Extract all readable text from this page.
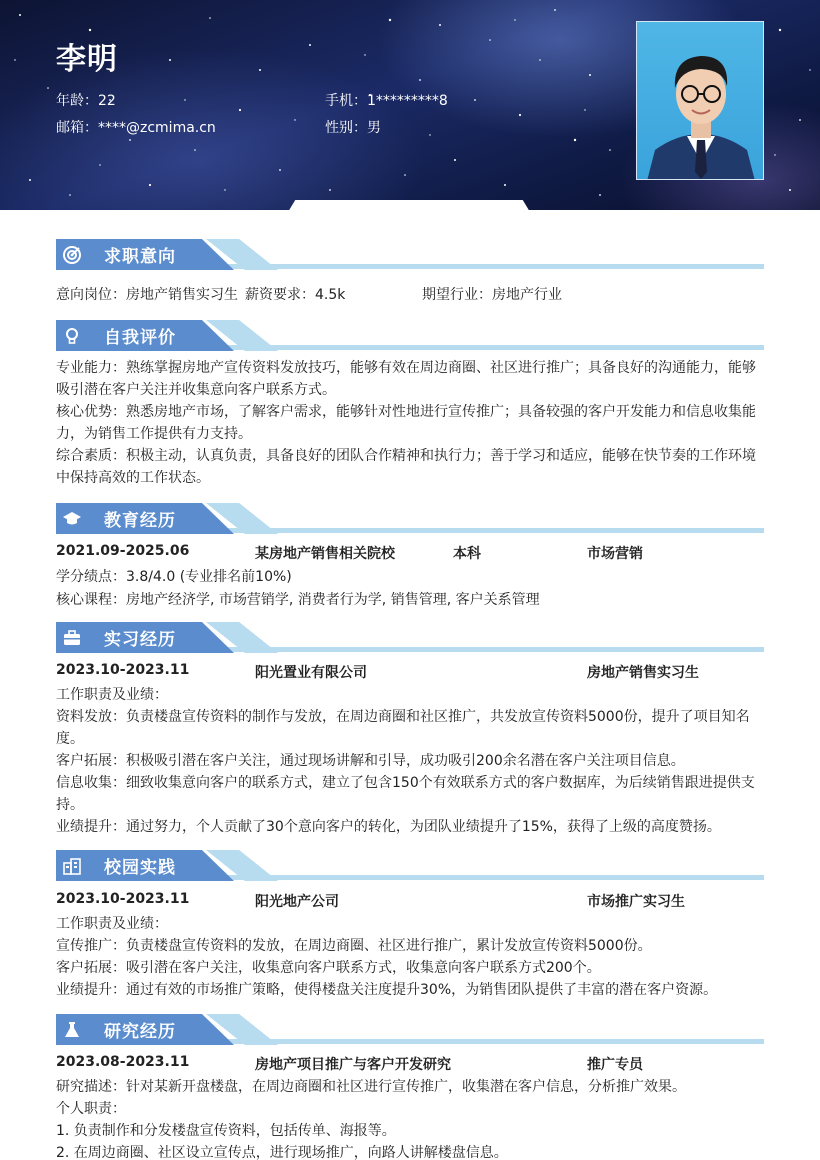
李明
年龄：22	手机：1*********8
邮箱：****@zcmima.cn	性别：男
求职意向
意向岗位：房地产销售实习生 薪资要求：4.5k	期望行业：房地产行业
自我评价
专业能力：熟练掌握房地产宣传资料发放技巧，能够有效在周边商圈、社区进行推广；具备良好的沟通能力，能够吸引潜在客户关注并收集意向客户联系方式。
核心优势：熟悉房地产市场，了解客户需求，能够针对性地进行宣传推广；具备较强的客户开发能力和信息收集能力，为销售工作提供有力支持。
综合素质：积极主动，认真负责，具备良好的团队合作精神和执行力；善于学习和适应，能够在快节奏的工作环境中保持高效的工作状态。
教育经历
2021.09-2025.06	某房地产销售相关院校	本科	市场营销
学分绩点：3.8/4.0 (专业排名前10%)
核心课程：房地产经济学, 市场营销学, 消费者行为学, 销售管理, 客户关系管理
实习经历
2023.10-2023.11	阳光置业有限公司	房地产销售实习生
工作职责及业绩：
资料发放：负责楼盘宣传资料的制作与发放，在周边商圈和社区推广，共发放宣传资料5000份，提升了项目知名度。
客户拓展：积极吸引潜在客户关注，通过现场讲解和引导，成功吸引200余名潜在客户关注项目信息。
信息收集：细致收集意向客户的联系方式，建立了包含150个有效联系方式的客户数据库，为后续销售跟进提供支持。
业绩提升：通过努力，个人贡献了30个意向客户的转化，为团队业绩提升了15%，获得了上级的高度赞扬。
校园实践
2023.10-2023.11	阳光地产公司	市场推广实习生
工作职责及业绩：
宣传推广：负责楼盘宣传资料的发放，在周边商圈、社区进行推广，累计发放宣传资料5000份。
客户拓展：吸引潜在客户关注，收集意向客户联系方式，收集意向客户联系方式200个。
业绩提升：通过有效的市场推广策略，使得楼盘关注度提升30%，为销售团队提供了丰富的潜在客户资源。
研究经历
2023.08-2023.11	房地产项目推广与客户开发研究	推广专员
研究描述：针对某新开盘楼盘，在周边商圈和社区进行宣传推广，收集潜在客户信息，分析推广效果。
个人职责：
1. 负责制作和分发楼盘宣传资料，包括传单、海报等。
2. 在周边商圈、社区设立宣传点，进行现场推广，向路人讲解楼盘信息。
